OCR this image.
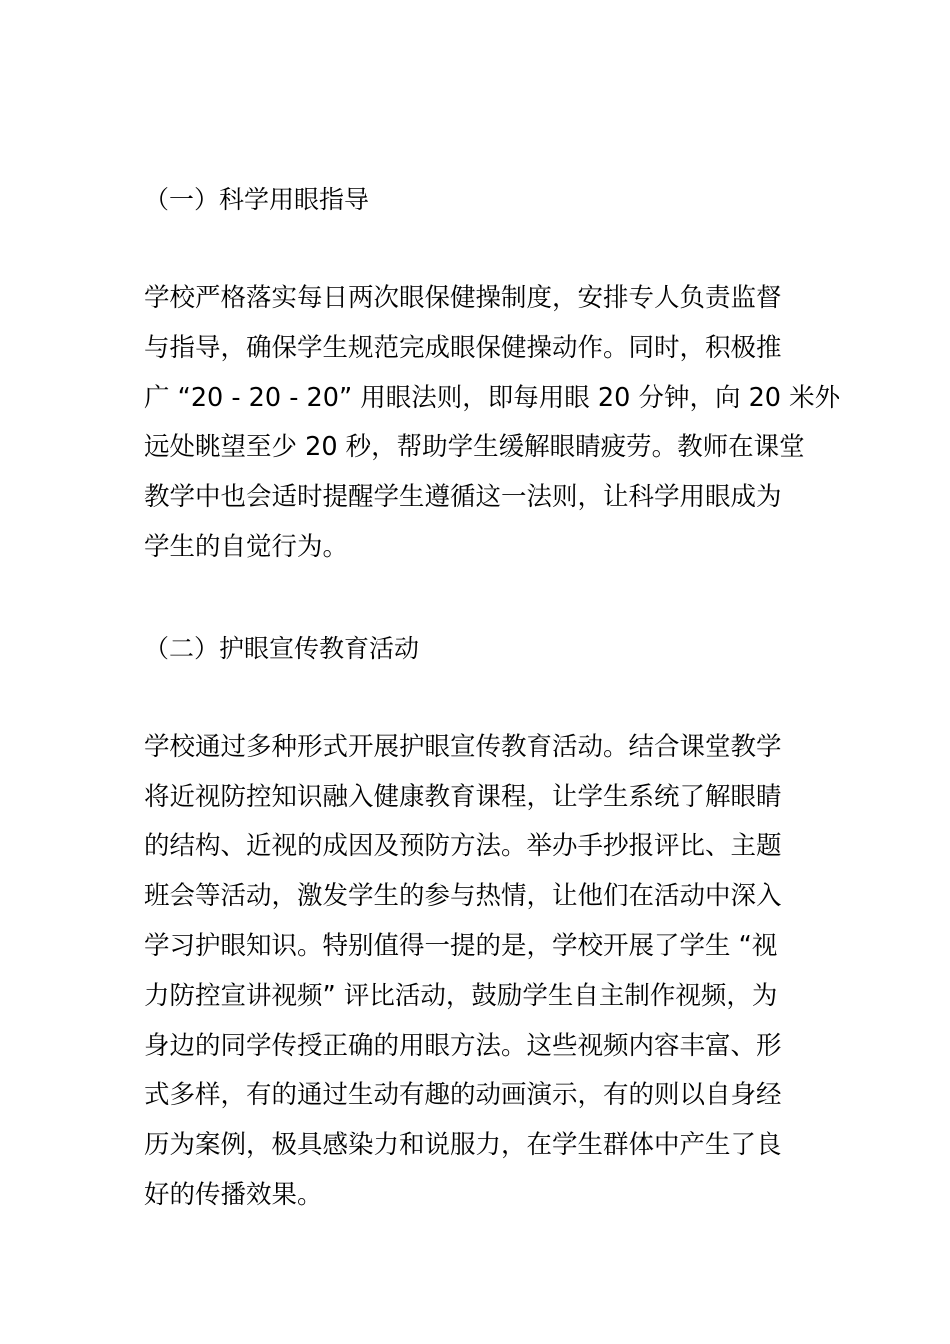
（一）科学用眼指导
学校严格落实每日两次眼保健操制度，安排专人负责监督
与指导，确保学生规范完成眼保健操动作。同时，积极推
广 “20 - 20 - 20” 用眼法则，即每用眼 20 分钟，向 20 米外
远处眺望至少 20 秒，帮助学生缓解眼睛疲劳。教师在课堂
教学中也会适时提醒学生遵循这一法则，让科学用眼成为
学生的自觉行为。
（二）护眼宣传教育活动
学校通过多种形式开展护眼宣传教育活动。结合课堂教学
将近视防控知识融入健康教育课程，让学生系统了解眼睛
的结构、近视的成因及预防方法。举办手抄报评比、主题
班会等活动，激发学生的参与热情，让他们在活动中深入
学习护眼知识。特别值得一提的是，学校开展了学生 “视
力防控宣讲视频” 评比活动，鼓励学生自主制作视频，为
身边的同学传授正确的用眼方法。这些视频内容丰富、形
式多样，有的通过生动有趣的动画演示，有的则以自身经
历为案例，极具感染力和说服力，在学生群体中产生了良
好的传播效果。
